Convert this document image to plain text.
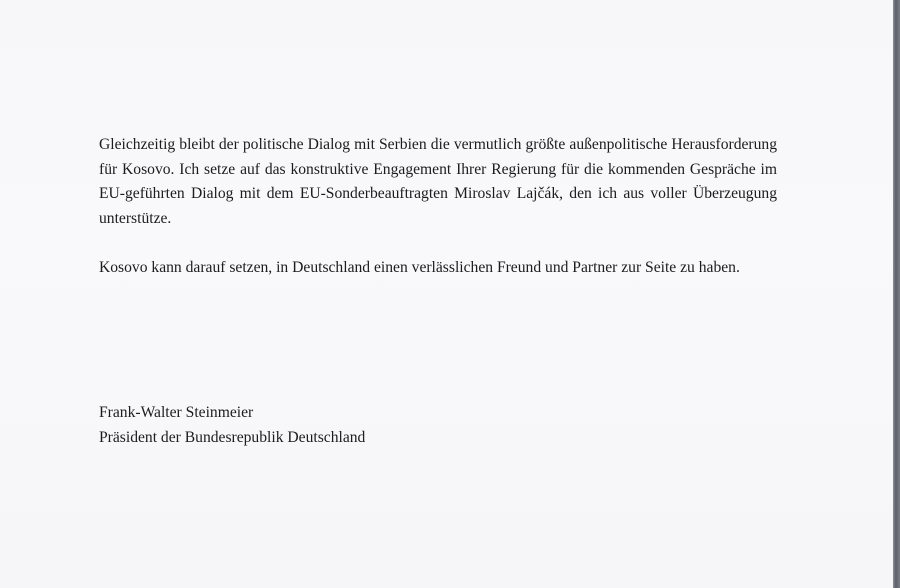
Gleichzeitig bleibt der politische Dialog mit Serbien die vermutlich größte außenpolitische Herausforderung für Kosovo. Ich setze auf das konstruktive Engagement Ihrer Regierung für die kommenden Gespräche im EU-geführten Dialog mit dem EU-Sonderbeauftragten Miroslav Lajčák, den ich aus voller Überzeugung unterstütze.

Kosovo kann darauf setzen, in Deutschland einen verlässlichen Freund und Partner zur Seite zu haben.

Frank-Walter Steinmeier
Präsident der Bundesrepublik Deutschland
